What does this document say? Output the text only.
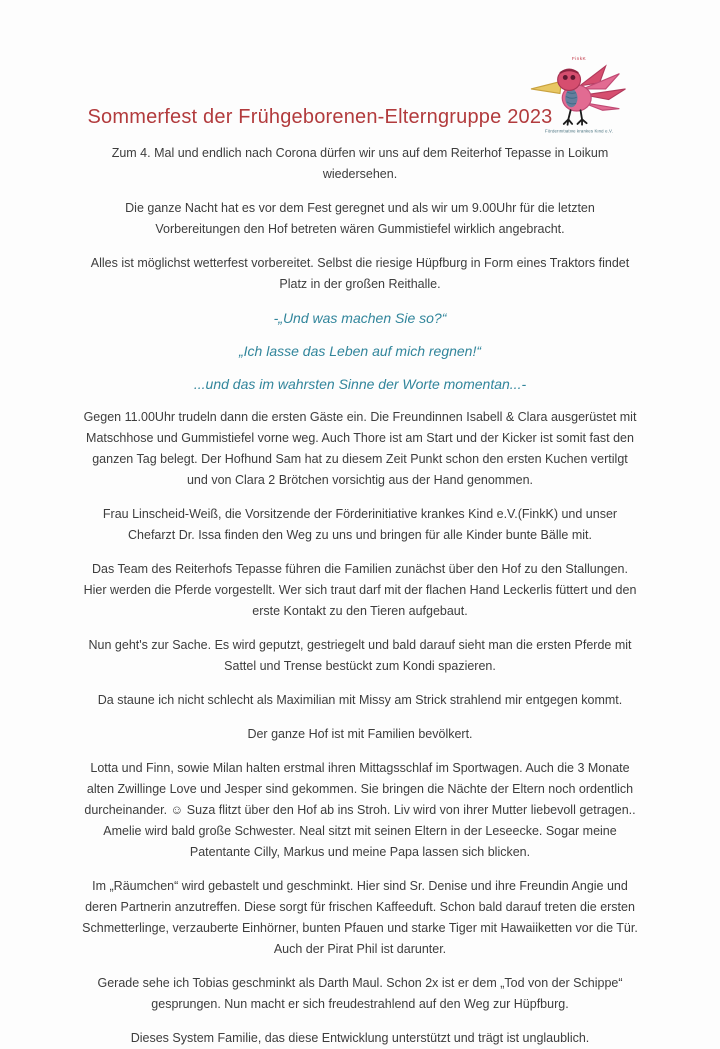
FinkK
Förderinitiative krankes Kind e.V.
Sommerfest der Frühgeborenen-Elterngruppe 2023

Zum 4. Mal und endlich nach Corona dürfen wir uns auf dem Reiterhof Tepasse in Loikum wiedersehen.

Die ganze Nacht hat es vor dem Fest geregnet und als wir um 9.00Uhr für die letzten Vorbereitungen den Hof betreten wären Gummistiefel wirklich angebracht.

Alles ist möglichst wetterfest vorbereitet. Selbst die riesige Hüpfburg in Form eines Traktors findet Platz in der großen Reithalle.

-„Und was machen Sie so?“

„Ich lasse das Leben auf mich regnen!“

...und das im wahrsten Sinne der Worte momentan...-

Gegen 11.00Uhr trudeln dann die ersten Gäste ein. Die Freundinnen Isabell & Clara ausgerüstet mit Matschhose und Gummistiefel vorne weg. Auch Thore ist am Start und der Kicker ist somit fast den ganzen Tag belegt. Der Hofhund Sam hat zu diesem Zeit Punkt schon den ersten Kuchen vertilgt und von Clara 2 Brötchen vorsichtig aus der Hand genommen.

Frau Linscheid-Weiß, die Vorsitzende der Förderinitiative krankes Kind e.V.(FinkK) und unser Chefarzt Dr. Issa finden den Weg zu uns und bringen für alle Kinder bunte Bälle mit.

Das Team des Reiterhofs Tepasse führen die Familien zunächst über den Hof zu den Stallungen. Hier werden die Pferde vorgestellt. Wer sich traut darf mit der flachen Hand Leckerlis füttert und den erste Kontakt zu den Tieren aufgebaut.

Nun geht's zur Sache. Es wird geputzt, gestriegelt und bald darauf sieht man die ersten Pferde mit Sattel und Trense bestückt zum Kondi spazieren.

Da staune ich nicht schlecht als Maximilian mit Missy am Strick strahlend mir entgegen kommt.

Der ganze Hof ist mit Familien bevölkert.

Lotta und Finn, sowie Milan halten erstmal ihren Mittagsschlaf im Sportwagen. Auch die 3 Monate alten Zwillinge Love und Jesper sind gekommen. Sie bringen die Nächte der Eltern noch ordentlich durcheinander. ☺ Suza flitzt über den Hof ab ins Stroh. Liv wird von ihrer Mutter liebevoll getragen.. Amelie wird bald große Schwester. Neal sitzt mit seinen Eltern in der Leseecke. Sogar meine Patentante Cilly, Markus und meine Papa lassen sich blicken.

Im „Räumchen“ wird gebastelt und geschminkt. Hier sind Sr. Denise und ihre Freundin Angie und deren Partnerin anzutreffen. Diese sorgt für frischen Kaffeeduft. Schon bald darauf treten die ersten Schmetterlinge, verzauberte Einhörner, bunten Pfauen und starke Tiger mit Hawaiiketten vor die Tür. Auch der Pirat Phil ist darunter.

Gerade sehe ich Tobias geschminkt als Darth Maul. Schon 2x ist er dem „Tod von der Schippe“ gesprungen. Nun macht er sich freudestrahlend auf den Weg zur Hüpfburg.

Dieses System Familie, das diese Entwicklung unterstützt und trägt ist unglaublich.
